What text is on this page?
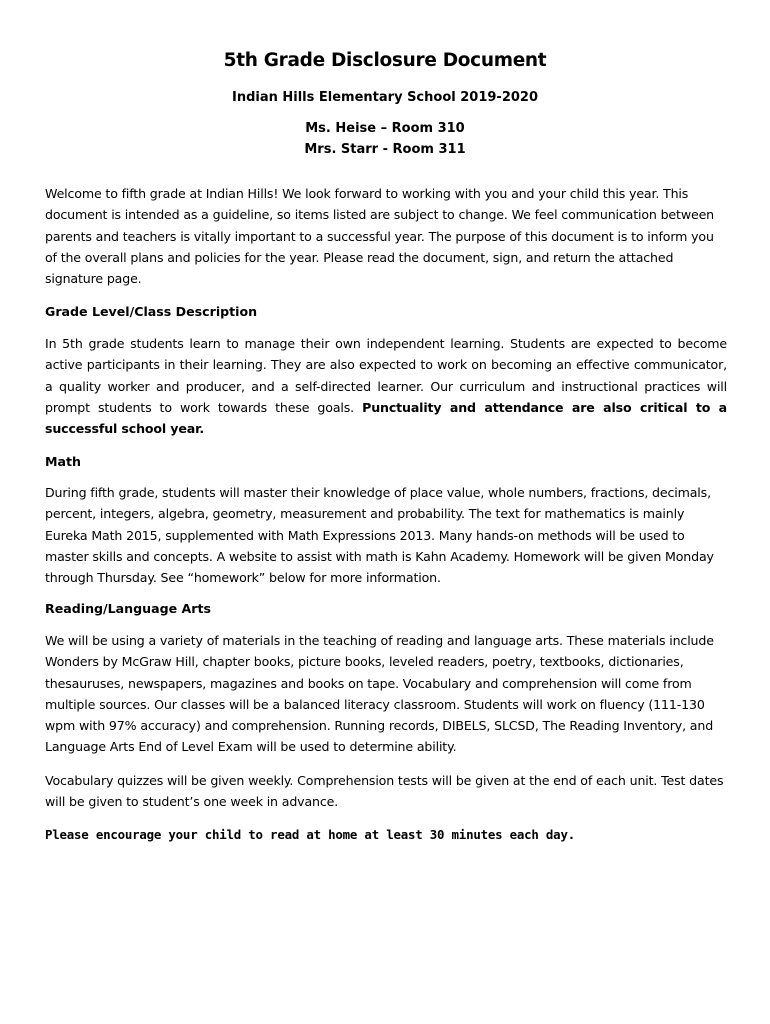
5th Grade Disclosure Document
Indian Hills Elementary School 2019-2020
Ms. Heise – Room 310
Mrs. Starr - Room 311
Welcome to fifth grade at Indian Hills! We look forward to working with you and your child this year. This document is intended as a guideline, so items listed are subject to change. We feel communication between parents and teachers is vitally important to a successful year. The purpose of this document is to inform you of the overall plans and policies for the year. Please read the document, sign, and return the attached signature page.
Grade Level/Class Description
In 5th grade students learn to manage their own independent learning. Students are expected to become active participants in their learning. They are also expected to work on becoming an effective communicator, a quality worker and producer, and a self-directed learner. Our curriculum and instructional practices will prompt students to work towards these goals. Punctuality and attendance are also critical to a successful school year.
Math
During fifth grade, students will master their knowledge of place value, whole numbers, fractions, decimals, percent, integers, algebra, geometry, measurement and probability. The text for mathematics is mainly Eureka Math 2015, supplemented with Math Expressions 2013. Many hands-on methods will be used to master skills and concepts. A website to assist with math is Kahn Academy. Homework will be given Monday through Thursday. See “homework” below for more information.
Reading/Language Arts
We will be using a variety of materials in the teaching of reading and language arts. These materials include Wonders by McGraw Hill, chapter books, picture books, leveled readers, poetry, textbooks, dictionaries, thesauruses, newspapers, magazines and books on tape. Vocabulary and comprehension will come from multiple sources. Our classes will be a balanced literacy classroom. Students will work on fluency (111-130 wpm with 97% accuracy) and comprehension. Running records, DIBELS, SLCSD, The Reading Inventory, and Language Arts End of Level Exam will be used to determine ability.
Vocabulary quizzes will be given weekly. Comprehension tests will be given at the end of each unit. Test dates will be given to student’s one week in advance.
Please encourage your child to read at home at least 30 minutes each day.
